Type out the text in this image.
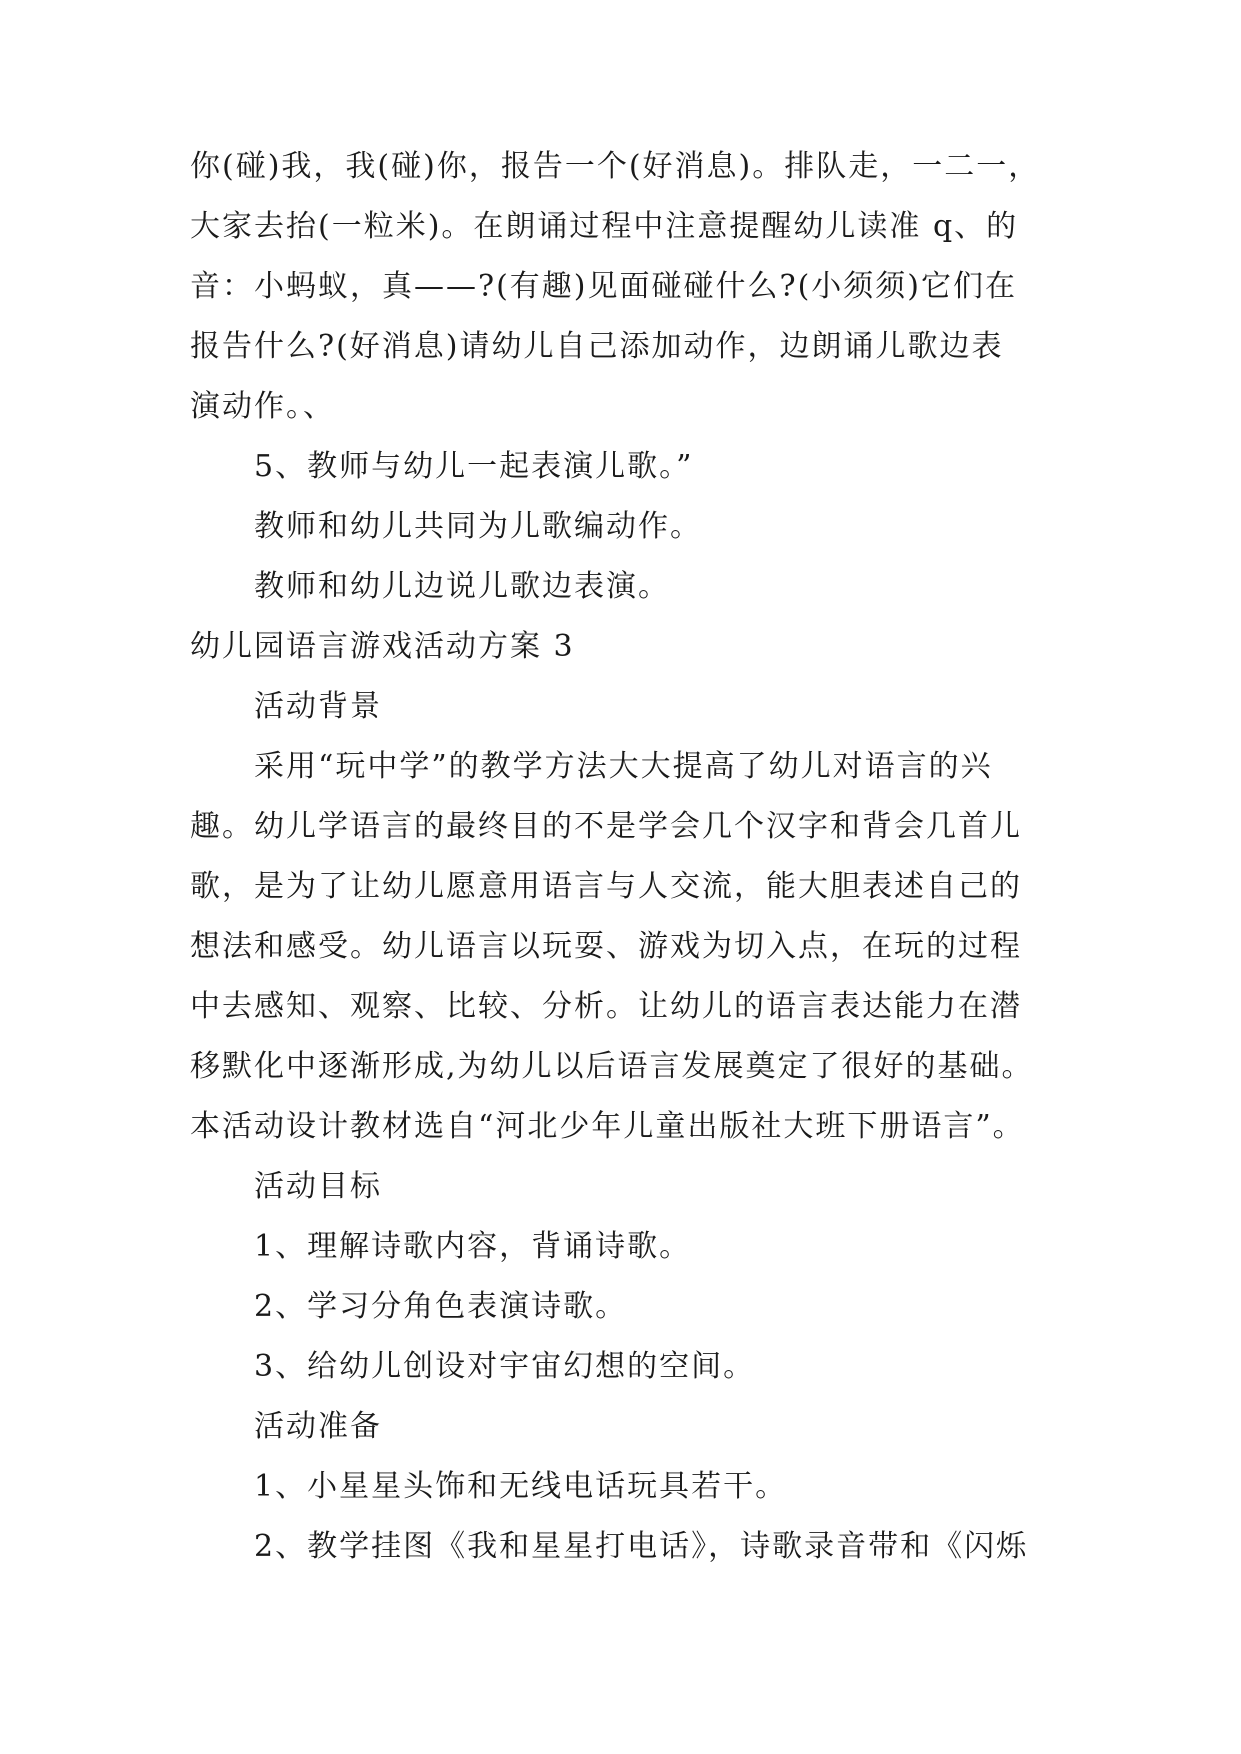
你(碰)我，我(碰)你，报告一个(好消息)。排队走，一二一，
大家去抬(一粒米)。在朗诵过程中注意提醒幼儿读准 q、的
音：小蚂蚁，真——?(有趣)见面碰碰什么?(小须须)它们在
报告什么?(好消息)请幼儿自己添加动作，边朗诵儿歌边表
演动作。、
5、教师与幼儿一起表演儿歌。”
教师和幼儿共同为儿歌编动作。
教师和幼儿边说儿歌边表演。
幼儿园语言游戏活动方案 3
活动背景
采用“玩中学”的教学方法大大提高了幼儿对语言的兴
趣。幼儿学语言的最终目的不是学会几个汉字和背会几首儿
歌，是为了让幼儿愿意用语言与人交流，能大胆表述自己的
想法和感受。幼儿语言以玩耍、游戏为切入点，在玩的过程
中去感知、观察、比较、分析。让幼儿的语言表达能力在潜
移默化中逐渐形成,为幼儿以后语言发展奠定了很好的基础。
本活动设计教材选自“河北少年儿童出版社大班下册语言”。
活动目标
1、理解诗歌内容，背诵诗歌。
2、学习分角色表演诗歌。
3、给幼儿创设对宇宙幻想的空间。
活动准备
1、小星星头饰和无线电话玩具若干。
2、教学挂图《我和星星打电话》，诗歌录音带和《闪烁
